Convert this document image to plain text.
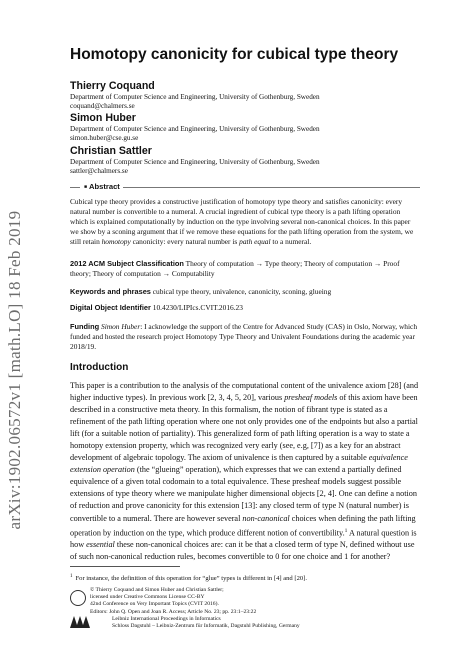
arXiv:1902.06572v1 [math.LO] 18 Feb 2019
Homotopy canonicity for cubical type theory
Thierry Coquand
Department of Computer Science and Engineering, University of Gothenburg, Sweden
coquand@chalmers.se
Simon Huber
Department of Computer Science and Engineering, University of Gothenburg, Sweden
simon.huber@cse.gu.se
Christian Sattler
Department of Computer Science and Engineering, University of Gothenburg, Sweden
sattler@chalmers.se
■ Abstract
Cubical type theory provides a constructive justification of homotopy type theory and satisfies canonicity: every natural number is convertible to a numeral. A crucial ingredient of cubical type theory is a path lifting operation which is explained computationally by induction on the type involving several non-canonical choices. In this paper we show by a sconing argument that if we remove these equations for the path lifting operation from the system, we still retain homotopy canonicity: every natural number is path equal to a numeral.
2012 ACM Subject Classification Theory of computation → Type theory; Theory of computation → Proof theory; Theory of computation → Computability
Keywords and phrases cubical type theory, univalence, canonicity, sconing, glueing
Digital Object Identifier 10.4230/LIPIcs.CVIT.2016.23
Funding Simon Huber: I acknowledge the support of the Centre for Advanced Study (CAS) in Oslo, Norway, which funded and hosted the research project Homotopy Type Theory and Univalent Foundations during the academic year 2018/19.
Introduction
This paper is a contribution to the analysis of the computational content of the univalence axiom [28] (and higher inductive types). In previous work [2, 3, 4, 5, 20], various presheaf models of this axiom have been described in a constructive meta theory. In this formalism, the notion of fibrant type is stated as a refinement of the path lifting operation where one not only provides one of the endpoints but also a partial lift (for a suitable notion of partiality). This generalized form of path lifting operation is a way to state a homotopy extension property, which was recognized very early (see, e.g, [7]) as a key for an abstract development of algebraic topology. The axiom of univalence is then captured by a suitable equivalence extension operation (the “glueing” operation), which expresses that we can extend a partially defined equivalence of a given total codomain to a total equivalence. These presheaf models suggest possible extensions of type theory where we manipulate higher dimensional objects [2, 4]. One can define a notion of reduction and prove canonicity for this extension [13]: any closed term of type N (natural number) is convertible to a numeral. There are however several non-canonical choices when defining the path lifting operation by induction on the type, which produce different notion of convertibility.$^1$ A natural question is how essential these non-canonical choices are: can it be that a closed term of type N, defined without use of such non-canonical reduction rules, becomes convertible to 0 for one choice and 1 for another?
$^1$ For instance, the definition of this operation for “glue” types is different in [4] and [20].
© Thierry Coquand and Simon Huber and Christian Sattler;
licensed under Creative Commons License CC-BY
42nd Conference on Very Important Topics (CVIT 2016).
Editors: John Q. Open and Joan R. Access; Article No. 23; pp. 23:1–23:22
Leibniz International Proceedings in Informatics
Schloss Dagstuhl – Leibniz-Zentrum für Informatik, Dagstuhl Publishing, Germany
